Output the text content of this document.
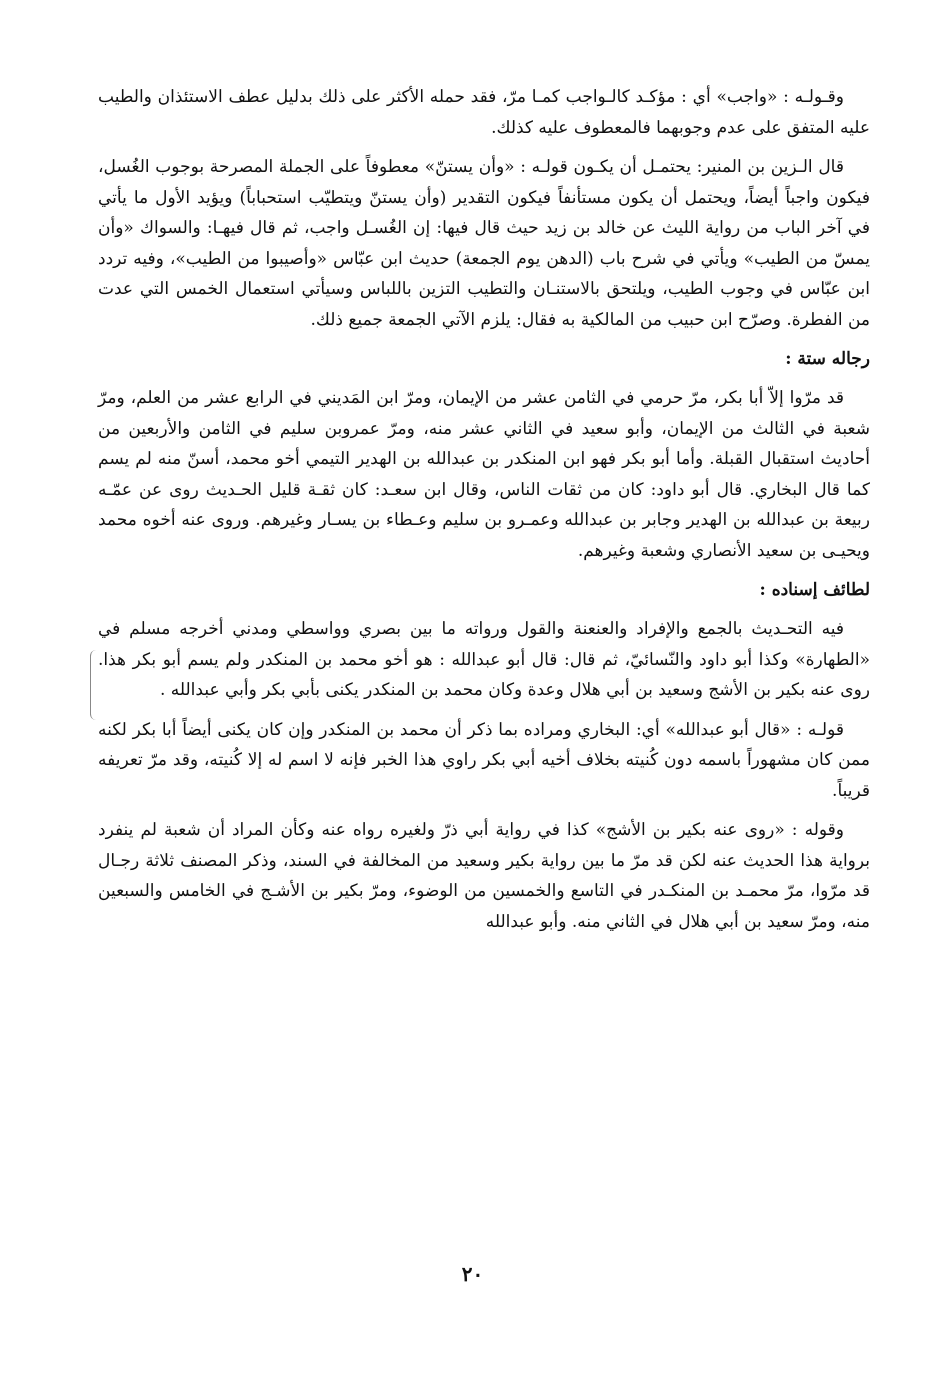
وقـولـه : «واجب» أي : مؤكـد كالـواجب كمـا مرّ، فقد حمله الأكثر على ذلك بدليل عطف الاستئذان والطيب عليه المتفق على عدم وجوبهما فالمعطوف عليه كذلك.

قال الـزين بن المنير: يحتمـل أن يكـون قولـه : «وأن يستنّ» معطوفاً على الجملة المصرحة بوجوب الغُسل، فيكون واجباً أيضاً، ويحتمل أن يكون مستأنفاً فيكون التقدير (وأن يستنّ ويتطيّب استحباباً) ويؤيد الأول ما يأتي في آخر الباب من رواية الليث عن خالد بن زيد حيث قال فيها: إن الغُسـل واجب، ثم قال فيهـا: والسواك «وأن يمسّ من الطيب» ويأتي في شرح باب (الدهن يوم الجمعة) حديث ابن عبّاس «وأصيبوا من الطيب»، وفيه تردد ابن عبّاس في وجوب الطيب، ويلتحق بالاستنـان والتطيب التزين باللباس وسيأتي استعمال الخمس التي عدت من الفطرة. وصرّح ابن حبيب من المالكية به فقال: يلزم الآتي الجمعة جميع ذلك.

رجاله ستة :

قد مرّوا إلاّ أبا بكر، مرّ حرمي في الثامن عشر من الإيمان، ومرّ ابن المَديني في الرابع عشر من العلم، ومرّ شعبة في الثالث من الإيمان، وأبو سعيد في الثاني عشر منه، ومرّ عمروبن سليم في الثامن والأربعين من أحاديث استقبال القبلة. وأما أبو بكر فهو ابن المنكدر بن عبدالله بن الهدير التيمي أخو محمد، أسنّ منه لم يسم كما قال البخاري. قال أبو داود: كان من ثقات الناس، وقال ابن سعـد: كان ثقـة قليل الحـديث روى عن عمّـه ربيعة بن عبدالله بن الهدير وجابر بن عبدالله وعمـرو بن سليم وعـطاء بن يسـار وغيرهم. وروى عنه أخوه محمد ويحيـى بن سعيد الأنصاري وشعبة وغيرهم.

لطائف إسناده :

فيه التحـديث بالجمع والإفراد والعنعنة والقول ورواته ما بين بصري وواسطي ومدني أخرجه مسلم في «الطهارة» وكذا أبو داود والنّسائيّ، ثم قال: قال أبو عبدالله : هو أخو محمد بن المنكدر ولم يسم أبو بكر هذا. روى عنه بكير بن الأشج وسعيد بن أبي هلال وعدة وكان محمد بن المنكدر يكنى بأبي بكر وأبي عبدالله .

قولـه : «قال أبو عبدالله» أي: البخاري ومراده بما ذكر أن محمد بن المنكدر وإن كان يكنى أيضاً أبا بكر لكنه ممن كان مشهوراً باسمه دون كُنيته بخلاف أخيه أبي بكر راوي هذا الخبر فإنه لا اسم له إلا كُنيته، وقد مرّ تعريفه قريباً.

وقوله : «روى عنه بكير بن الأشج» كذا في رواية أبي ذرّ ولغيره رواه عنه وكأن المراد أن شعبة لم ينفرد برواية هذا الحديث عنه لكن قد مرّ ما بين رواية بكير وسعيد من المخالفة في السند، وذكر المصنف ثلاثة رجـال قد مرّوا، مرّ محمـد بن المنكـدر في التاسع والخمسين من الوضوء، ومرّ بكير بن الأشـج في الخامس والسبعين منه، ومرّ سعيد بن أبي هلال في الثاني منه. وأبو عبدالله

٢٠
